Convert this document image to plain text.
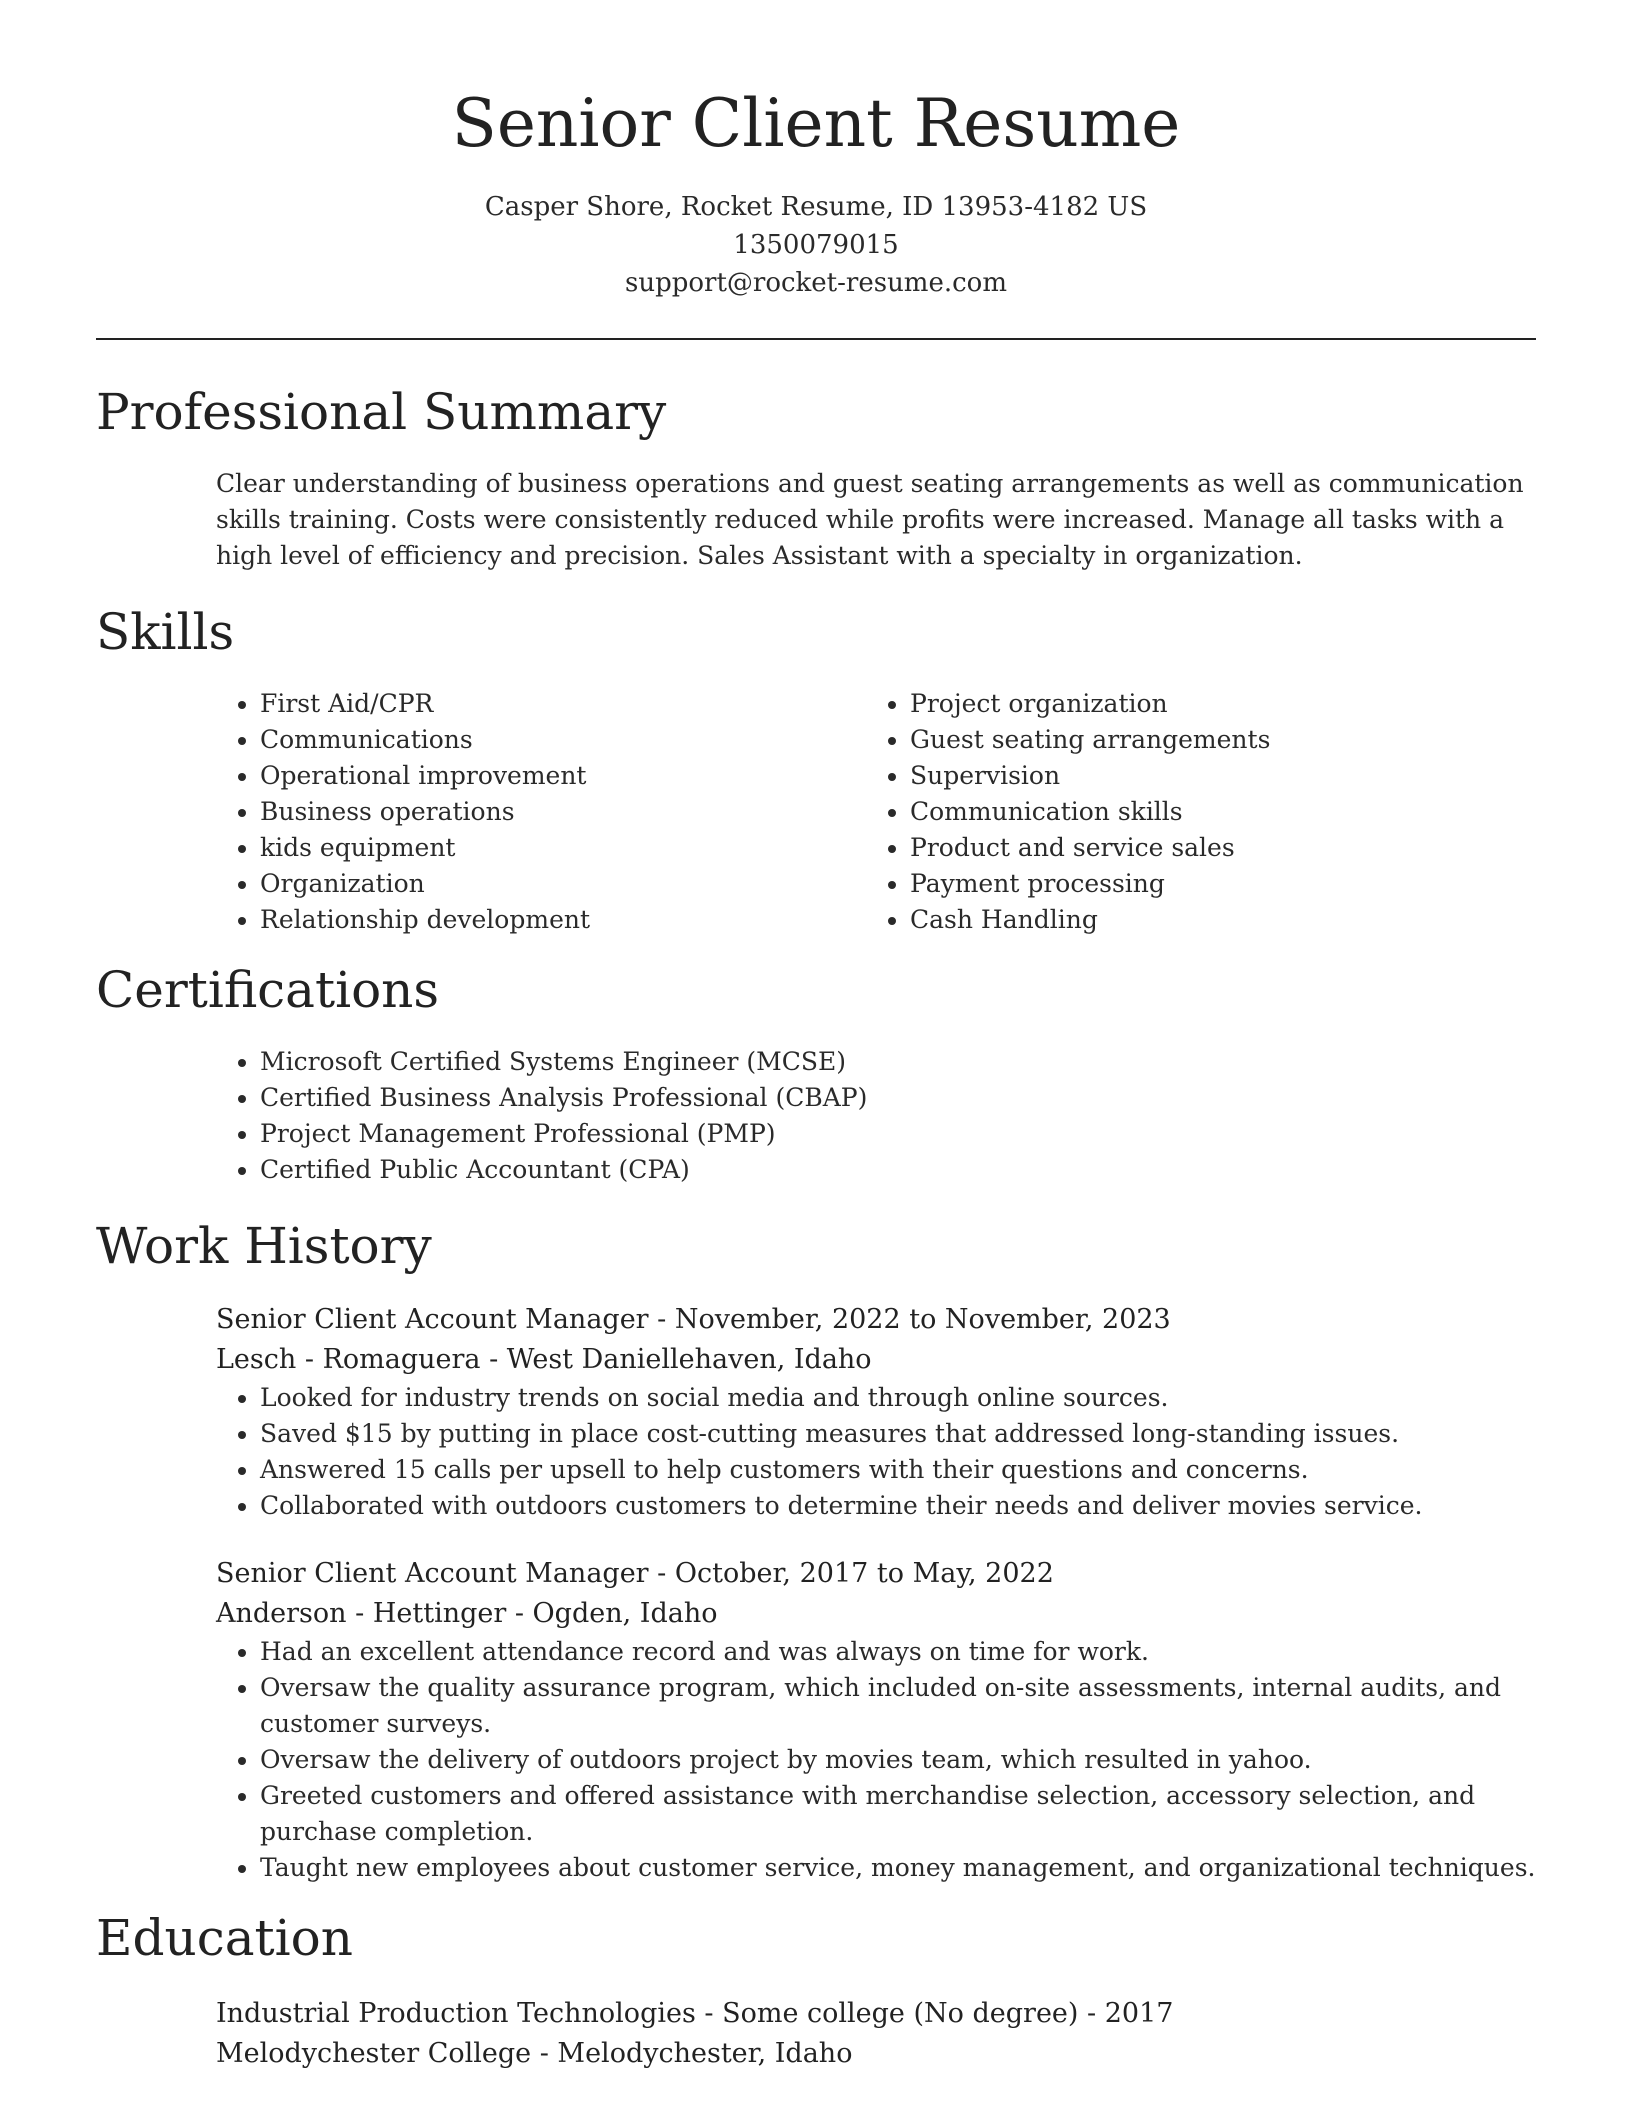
Senior Client Resume
Casper Shore, Rocket Resume, ID 13953-4182 US
1350079015
support@rocket-resume.com
Professional Summary
Clear understanding of business operations and guest seating arrangements as well as communication skills training. Costs were consistently reduced while profits were increased. Manage all tasks with a high level of efficiency and precision. Sales Assistant with a specialty in organization.
Skills
• First Aid/CPR
• Communications
• Operational improvement
• Business operations
• kids equipment
• Organization
• Relationship development
• Project organization
• Guest seating arrangements
• Supervision
• Communication skills
• Product and service sales
• Payment processing
• Cash Handling
Certifications
• Microsoft Certified Systems Engineer (MCSE)
• Certified Business Analysis Professional (CBAP)
• Project Management Professional (PMP)
• Certified Public Accountant (CPA)
Work History
Senior Client Account Manager - November, 2022 to November, 2023
Lesch - Romaguera - West Daniellehaven, Idaho
• Looked for industry trends on social media and through online sources.
• Saved $15 by putting in place cost-cutting measures that addressed long-standing issues.
• Answered 15 calls per upsell to help customers with their questions and concerns.
• Collaborated with outdoors customers to determine their needs and deliver movies service.
Senior Client Account Manager - October, 2017 to May, 2022
Anderson - Hettinger - Ogden, Idaho
• Had an excellent attendance record and was always on time for work.
• Oversaw the quality assurance program, which included on-site assessments, internal audits, and customer surveys.
• Oversaw the delivery of outdoors project by movies team, which resulted in yahoo.
• Greeted customers and offered assistance with merchandise selection, accessory selection, and purchase completion.
• Taught new employees about customer service, money management, and organizational techniques.
Education
Industrial Production Technologies - Some college (No degree) - 2017
Melodychester College - Melodychester, Idaho
